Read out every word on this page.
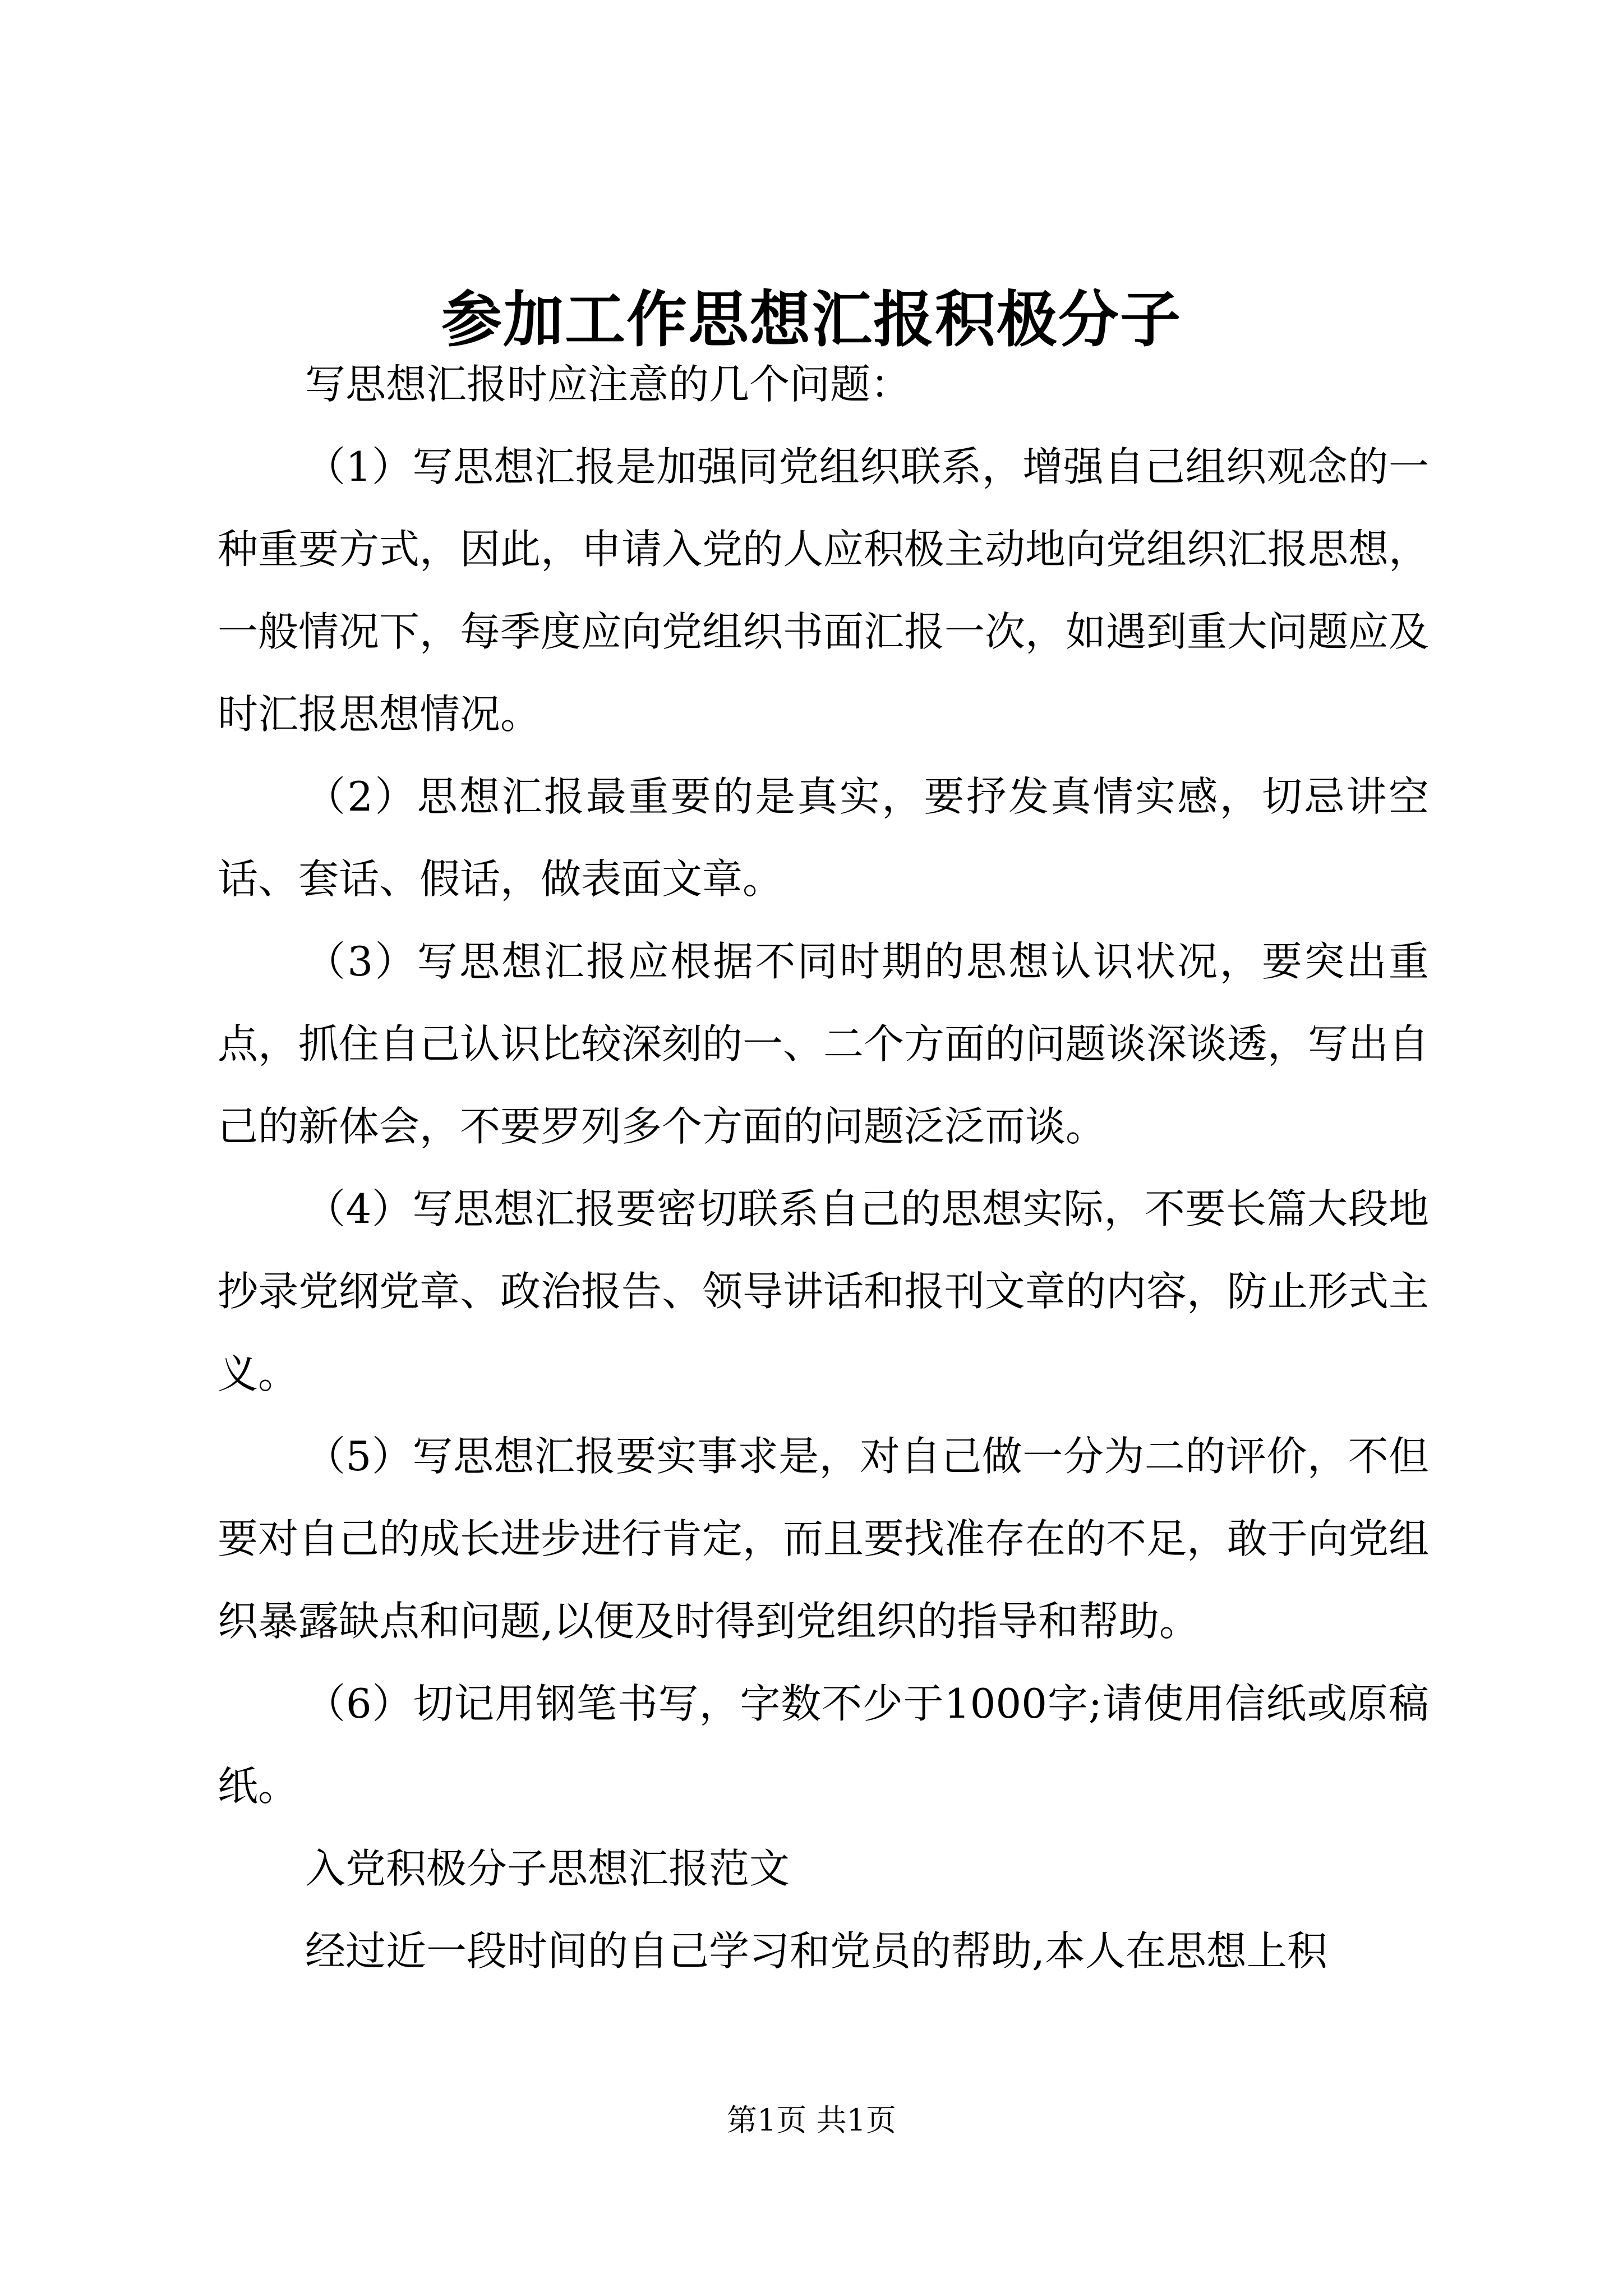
参加工作思想汇报积极分子

写思想汇报时应注意的几个问题：

（1）写思想汇报是加强同党组织联系，增强自己组织观念的一种重要方式，因此，申请入党的人应积极主动地向党组织汇报思想，一般情况下，每季度应向党组织书面汇报一次，如遇到重大问题应及时汇报思想情况。

（2）思想汇报最重要的是真实，要抒发真情实感，切忌讲空话、套话、假话，做表面文章。

（3）写思想汇报应根据不同时期的思想认识状况，要突出重点，抓住自己认识比较深刻的一、二个方面的问题谈深谈透，写出自己的新体会，不要罗列多个方面的问题泛泛而谈。

（4）写思想汇报要密切联系自己的思想实际，不要长篇大段地抄录党纲党章、政治报告、领导讲话和报刊文章的内容，防止形式主义。

（5）写思想汇报要实事求是，对自己做一分为二的评价，不但要对自己的成长进步进行肯定，而且要找准存在的不足，敢于向党组织暴露缺点和问题,以便及时得到党组织的指导和帮助。

（6）切记用钢笔书写，字数不少于1000字;请使用信纸或原稿纸。

入党积极分子思想汇报范文

经过近一段时间的自己学习和党员的帮助,本人在思想上积

第1页 共1页
